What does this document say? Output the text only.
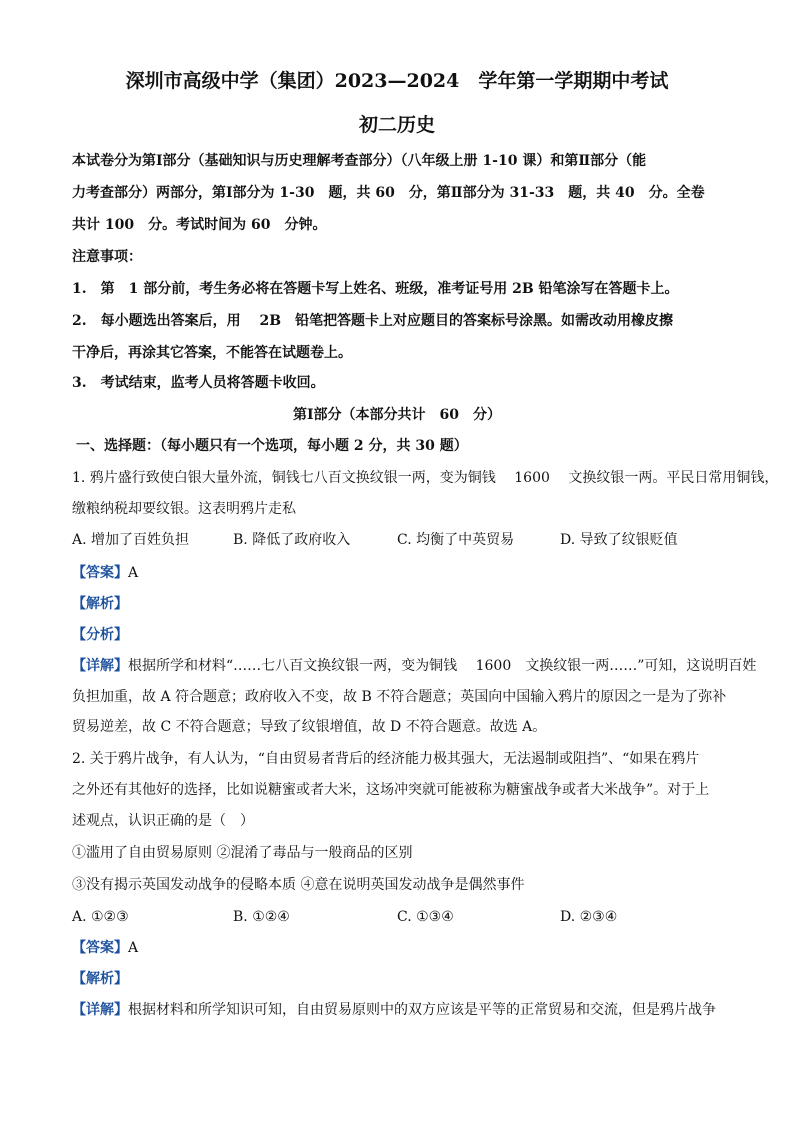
深圳市高级中学（集团）2023—2024　学年第一学期期中考试
初二历史
本试卷分为第Ⅰ部分（基础知识与历史理解考查部分）（八年级上册 1-10 课）和第Ⅱ部分（能
力考查部分）两部分，第Ⅰ部分为 1-30　题，共 60　分，第Ⅱ部分为 31-33　题，共 40　分。全卷
共计 100　分。考试时间为 60　分钟。
注意事项：
1.　第　1 部分前，考生务必将在答题卡写上姓名、班级，准考证号用 2B 铅笔涂写在答题卡上。
2.　每小题选出答案后，用　 2B　铅笔把答题卡上对应题目的答案标号涂黑。如需改动用橡皮擦
干净后，再涂其它答案，不能答在试题卷上。
3.　考试结束，监考人员将答题卡收回。
第Ⅰ部分（本部分共计　60　分）
一、选择题：（每小题只有一个选项，每小题 2 分，共 30 题）
1. 鸦片盛行致使白银大量外流，铜钱七八百文换纹银一两，变为铜钱　 1600　 文换纹银一两。平民日常用铜钱，
缴粮纳税却要纹银。这表明鸦片走私
A. 增加了百姓负担	B. 降低了政府收入	C. 均衡了中英贸易	D. 导致了纹银贬值
【答案】A
【解析】
【分析】
【详解】根据所学和材料“……七八百文换纹银一两，变为铜钱　 1600　文换纹银一两……”可知，这说明百姓
负担加重，故 A 符合题意；政府收入不变，故 B 不符合题意；英国向中国输入鸦片的原因之一是为了弥补
贸易逆差，故 C 不符合题意；导致了纹银增值，故 D 不符合题意。故选 A。
2. 关于鸦片战争，有人认为，“自由贸易者背后的经济能力极其强大，无法遏制或阻挡”、“如果在鸦片
之外还有其他好的选择，比如说糖蜜或者大米，这场冲突就可能被称为糖蜜战争或者大米战争”。对于上
述观点，认识正确的是（　）
①滥用了自由贸易原则 ②混淆了毒品与一般商品的区别
③没有揭示英国发动战争的侵略本质 ④意在说明英国发动战争是偶然事件
A. ①②③	B. ①②④	C. ①③④	D. ②③④
【答案】A
【解析】
【详解】根据材料和所学知识可知，自由贸易原则中的双方应该是平等的正常贸易和交流，但是鸦片战争
